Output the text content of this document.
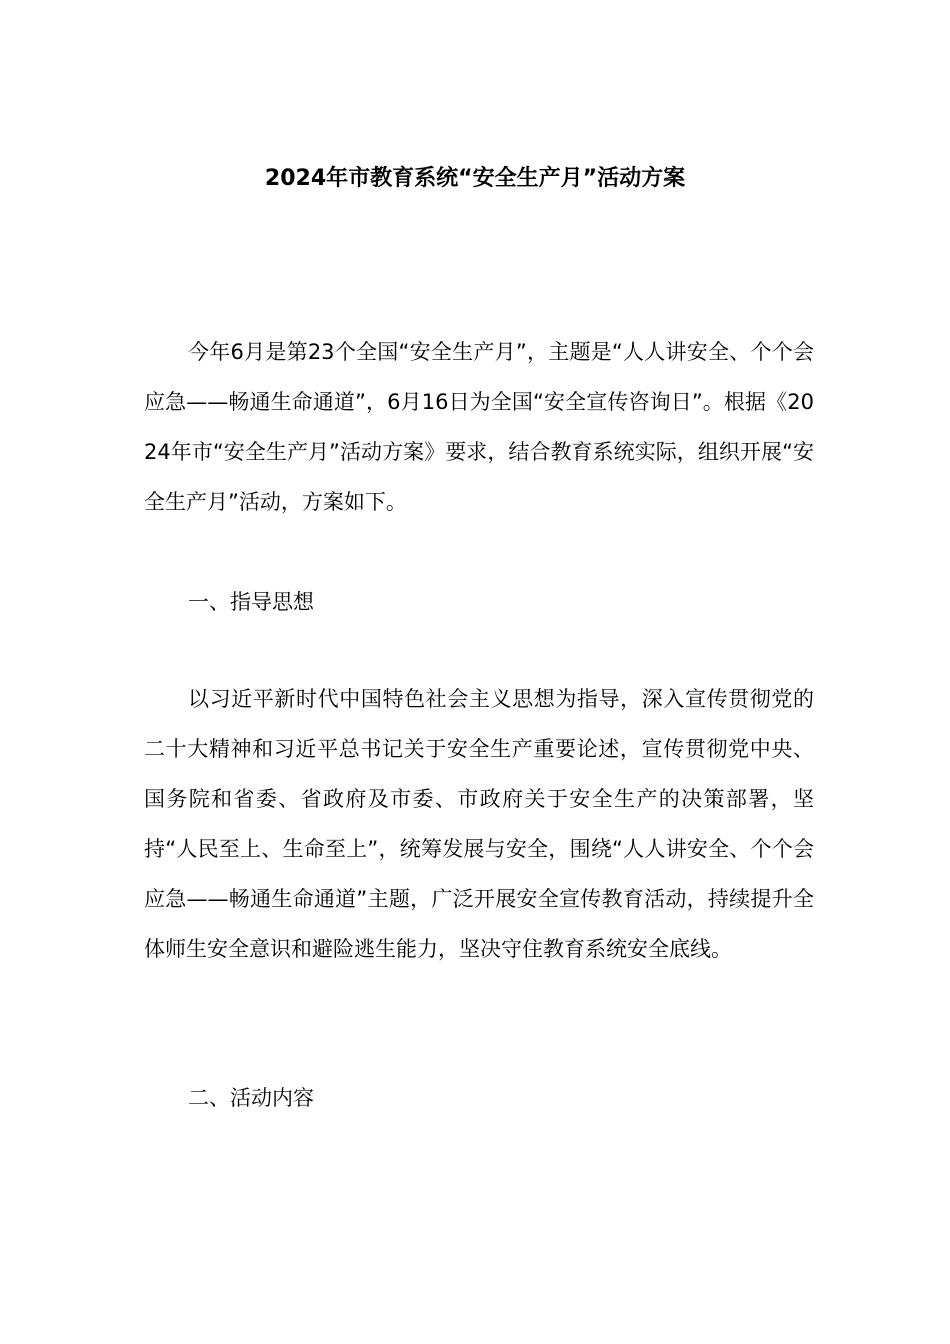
2024年市教育系统“安全生产月”活动方案
今年6月是第23个全国“安全生产月”，主题是“人人讲安全、个个会应急——畅通生命通道”，6月16日为全国“安全宣传咨询日”。根据《2024年市“安全生产月”活动方案》要求，结合教育系统实际，组织开展“安全生产月”活动，方案如下。
一、指导思想
以习近平新时代中国特色社会主义思想为指导，深入宣传贯彻党的二十大精神和习近平总书记关于安全生产重要论述，宣传贯彻党中央、国务院和省委、省政府及市委、市政府关于安全生产的决策部署，坚持“人民至上、生命至上”，统筹发展与安全，围绕“人人讲安全、个个会应急——畅通生命通道”主题，广泛开展安全宣传教育活动，持续提升全体师生安全意识和避险逃生能力，坚决守住教育系统安全底线。
二、活动内容
